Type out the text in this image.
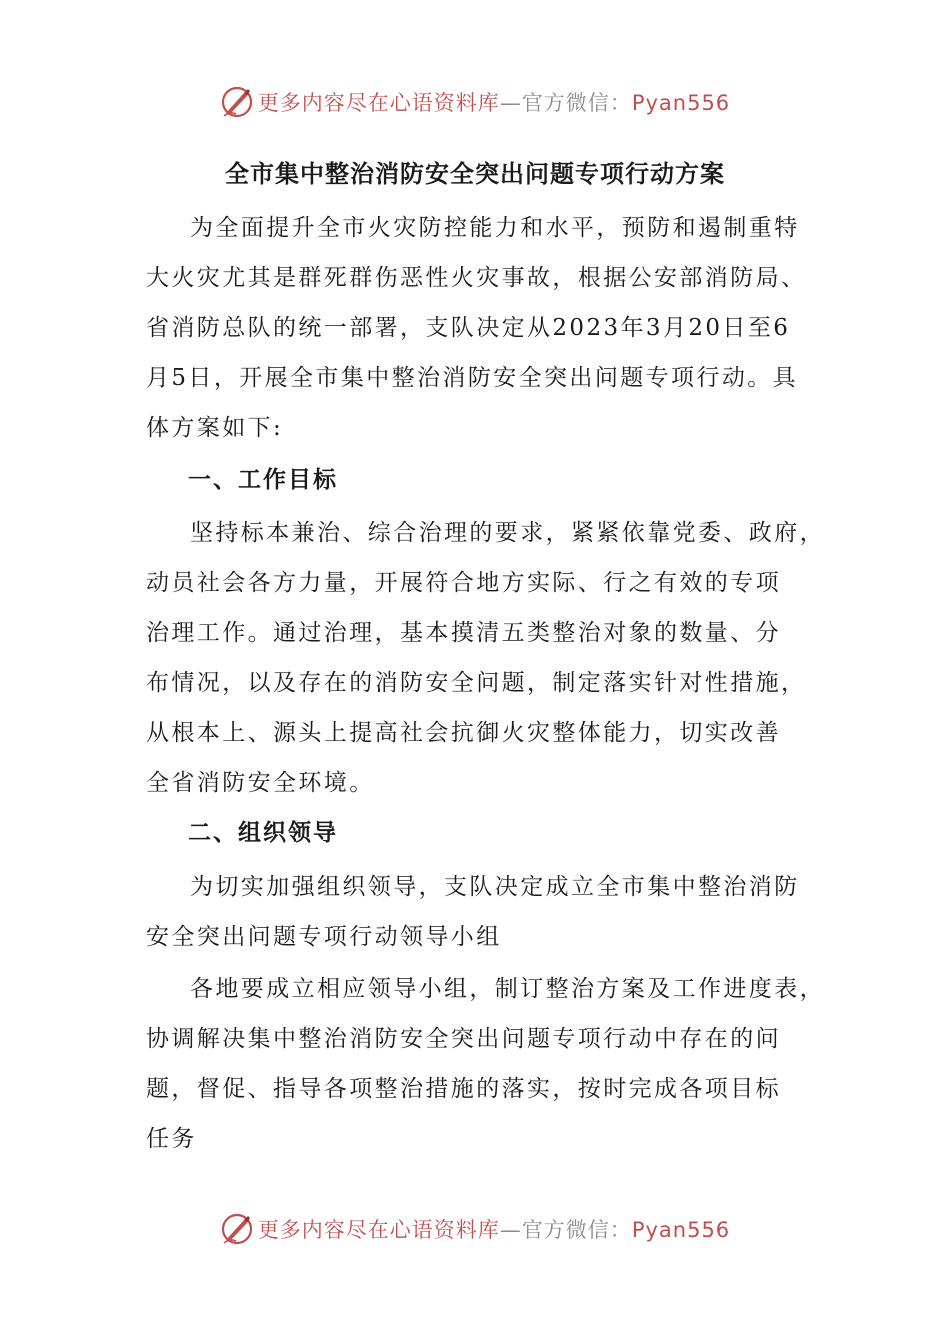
更多内容尽在心语资料库—官方微信：Pyan556
全市集中整治消防安全突出问题专项行动方案
为全面提升全市火灾防控能力和水平，预防和遏制重特
大火灾尤其是群死群伤恶性火灾事故，根据公安部消防局、
省消防总队的统一部署，支队决定从2023年3月20日至6
月5日，开展全市集中整治消防安全突出问题专项行动。具
体方案如下:
一、工作目标
坚持标本兼治、综合治理的要求，紧紧依靠党委、政府，
动员社会各方力量，开展符合地方实际、行之有效的专项
治理工作。通过治理，基本摸清五类整治对象的数量、分
布情况，以及存在的消防安全问题，制定落实针对性措施，
从根本上、源头上提高社会抗御火灾整体能力，切实改善
全省消防安全环境。
二、组织领导
为切实加强组织领导，支队决定成立全市集中整治消防
安全突出问题专项行动领导小组
各地要成立相应领导小组，制订整治方案及工作进度表，
协调解决集中整治消防安全突出问题专项行动中存在的问
题，督促、指导各项整治措施的落实，按时完成各项目标
任务
更多内容尽在心语资料库—官方微信：Pyan556
